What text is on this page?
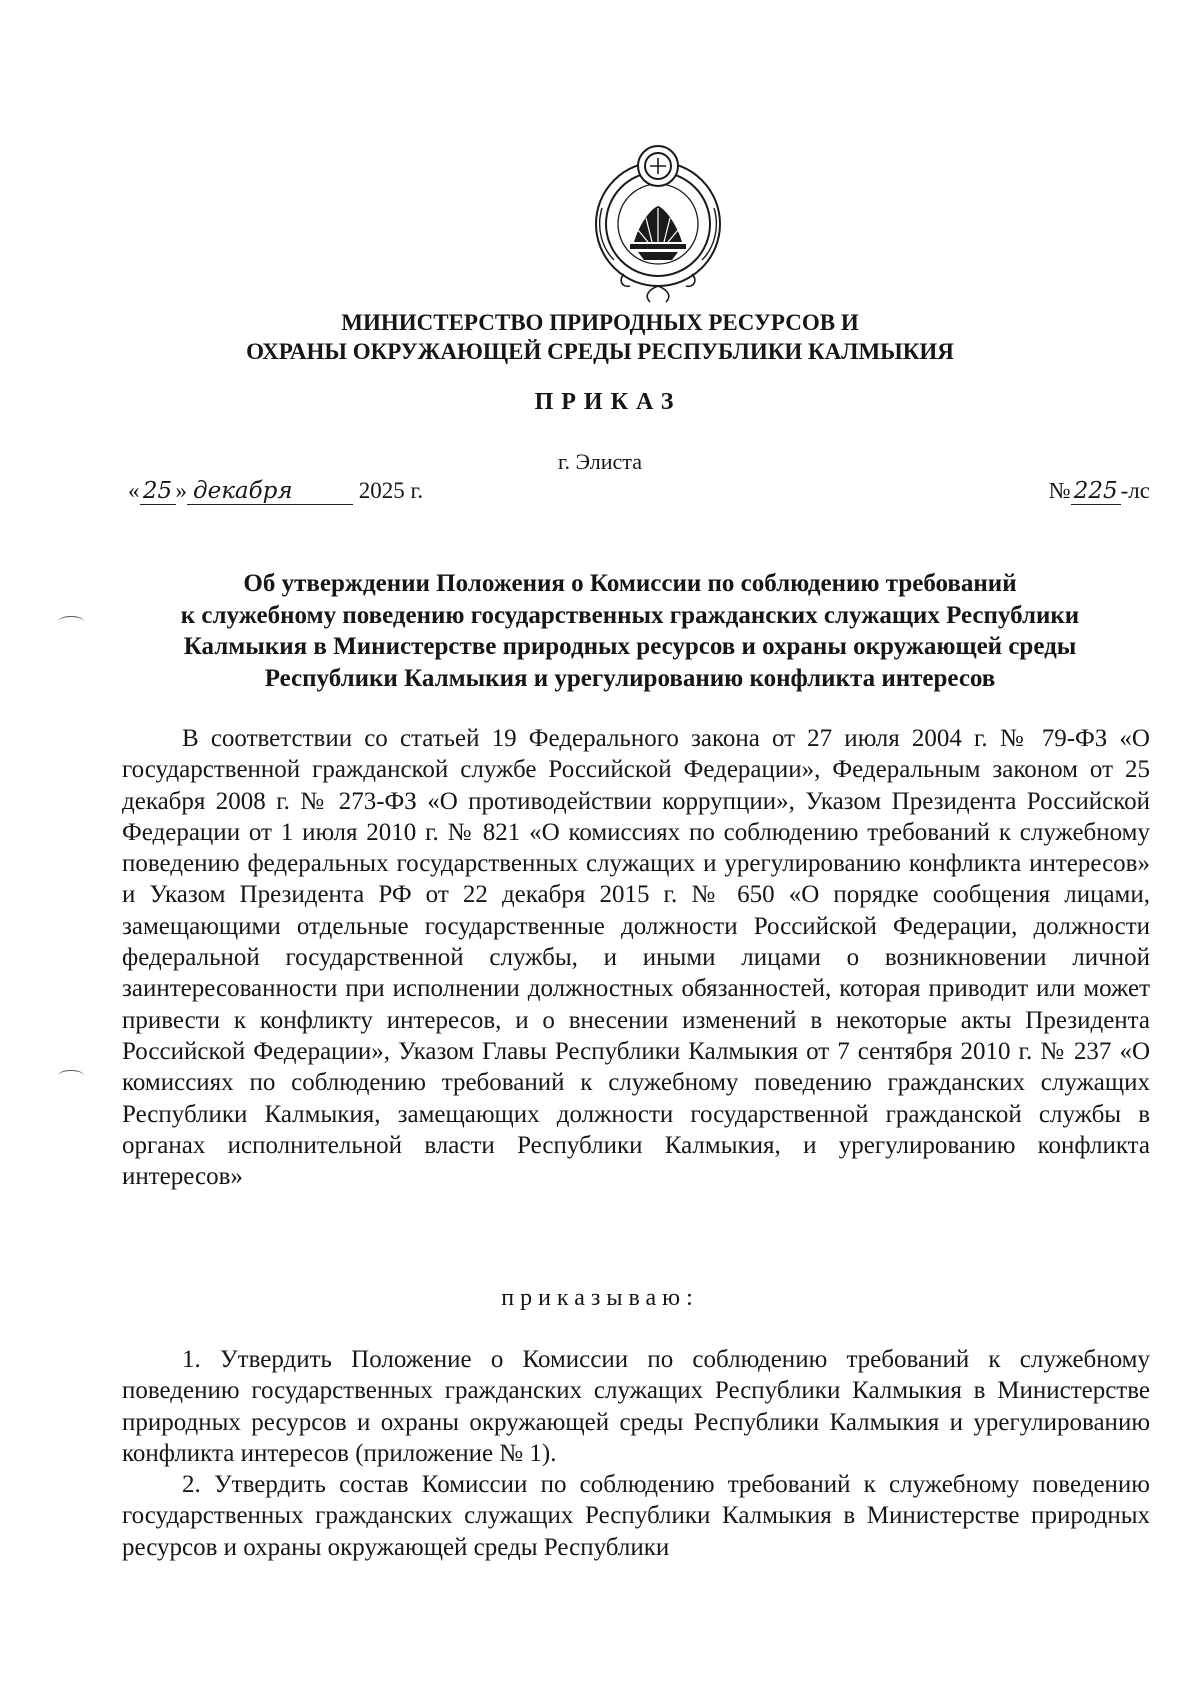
МИНИСТЕРСТВО ПРИРОДНЫХ РЕСУРСОВ И
ОХРАНЫ ОКРУЖАЮЩЕЙ СРЕДЫ РЕСПУБЛИКИ КАЛМЫКИЯ
ПРИКАЗ
г. Элиста
« 25 » декабря	2025 г.	№ 225 -лс
Об утверждении Положения о Комиссии по соблюдению требований
к служебному поведению государственных гражданских служащих Республики
Калмыкия в Министерстве природных ресурсов и охраны окружающей среды
Республики Калмыкия и урегулированию конфликта интересов

В соответствии со статьей 19 Федерального закона от 27 июля 2004 г. № 79-ФЗ «О государственной гражданской службе Российской Федерации», Федеральным законом от 25 декабря 2008 г. № 273-ФЗ «О противодействии коррупции», Указом Президента Российской Федерации от 1 июля 2010 г. № 821 «О комиссиях по соблюдению требований к служебному поведению федеральных государственных служащих и урегулированию конфликта интересов» и Указом Президента РФ от 22 декабря 2015 г. № 650 «О порядке сообщения лицами, замещающими отдельные государственные должности Российской Федерации, должности федеральной государственной службы, и иными лицами о возникновении личной заинтересованности при исполнении должностных обязанностей, которая приводит или может привести к конфликту интересов, и о внесении изменений в некоторые акты Президента Российской Федерации», Указом Главы Республики Калмыкия от 7 сентября 2010 г. № 237 «О комиссиях по соблюдению требований к служебному поведению гражданских служащих Республики Калмыкия, замещающих должности государственной гражданской службы в органах исполнительной власти Республики Калмыкия, и урегулированию конфликта интересов»

приказываю:

1. Утвердить Положение о Комиссии по соблюдению требований к служебному поведению государственных гражданских служащих Республики Калмыкия в Министерстве природных ресурсов и охраны окружающей среды Республики Калмыкия и урегулированию конфликта интересов (приложение № 1).

2. Утвердить состав Комиссии по соблюдению требований к служебному поведению государственных гражданских служащих Республики Калмыкия в Министерстве природных ресурсов и охраны окружающей среды Республики
